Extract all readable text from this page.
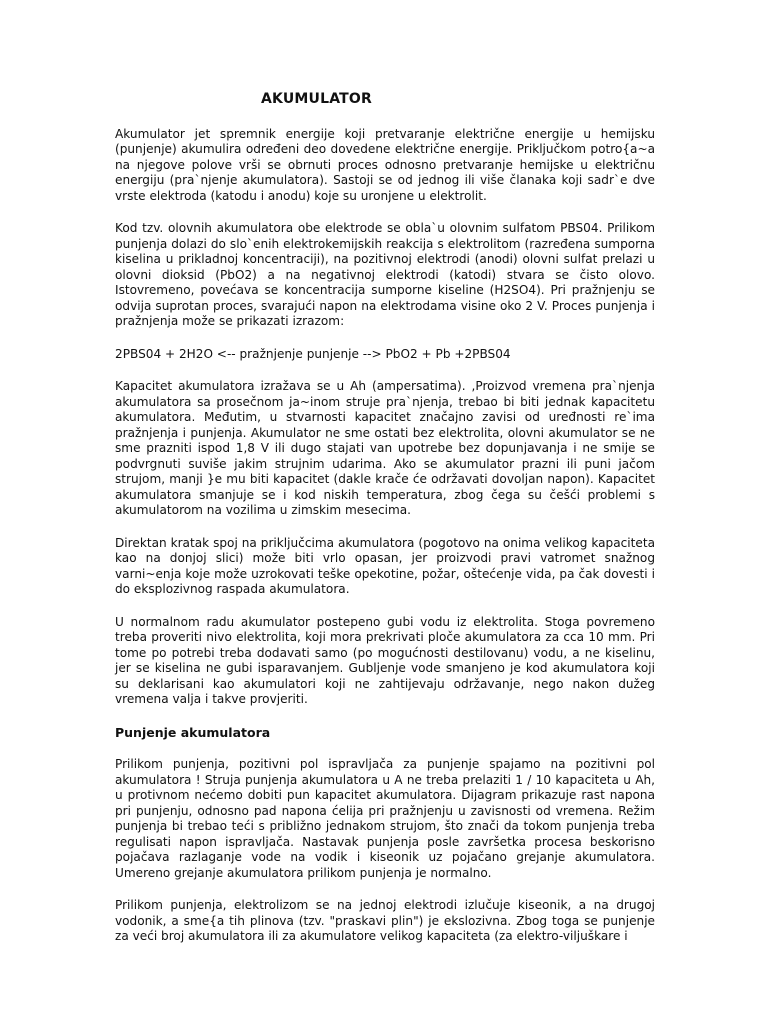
AKUMULATOR

Akumulator jet spremnik energije koji pretvaranje električne energije u hemijsku (punjenje) akumulira određeni deo dovedene električne energije. Priključkom potro{a~a na njegove polove vrši se obrnuti proces odnosno pretvaranje hemijske u električnu energiju (pra`njenje akumulatora). Sastoji se od jednog ili više članaka koji sadr`e dve vrste elektroda (katodu i anodu) koje su uronjene u elektrolit.

Kod tzv. olovnih akumulatora obe elektrode se obla`u olovnim sulfatom PBS04. Prilikom punjenja dolazi do slo`enih elektrokemijskih reakcija s elektrolitom (razređena sumporna kiselina u prikladnoj koncentraciji), na pozitivnoj elektrodi (anodi) olovni sulfat prelazi u olovni dioksid (PbO2) a na negativnoj elektrodi (katodi) stvara se čisto olovo. Istovremeno, povećava se koncentracija sumporne kiseline (H2SO4). Pri pražnjenju se odvija suprotan proces, svarajući napon na elektrodama visine oko 2 V. Proces punjenja i pražnjenja može se prikazati izrazom:

2PBS04 + 2H2O <-- pražnjenje punjenje --> PbO2 + Pb +2PBS04

Kapacitet akumulatora izražava se u Ah (ampersatima). ,Proizvod vremena pra`njenja akumulatora sa prosečnom ja~inom struje pra`njenja, trebao bi biti jednak kapacitetu akumulatora. Međutim, u stvarnosti kapacitet značajno zavisi od uređnosti re`ima pražnjenja i punjenja. Akumulator ne sme ostati bez elektrolita, olovni akumulator se ne sme prazniti ispod 1,8 V ili dugo stajati van upotrebe bez dopunjavanja i ne smije se podvrgnuti suviše jakim strujnim udarima. Ako se akumulator prazni ili puni jačom strujom, manji }e mu biti kapacitet (dakle krače će održavati dovoljan napon). Kapacitet akumulatora smanjuje se i kod niskih temperatura, zbog čega su češći problemi s akumulatorom na vozilima u zimskim mesecima.

Direktan kratak spoj na priključcima akumulatora (pogotovo na onima velikog kapaciteta kao na donjoj slici) može biti vrlo opasan, jer proizvodi pravi vatromet snažnog varni~enja koje može uzrokovati teške opekotine, požar, oštećenje vida, pa čak dovesti i do eksplozivnog raspada akumulatora.

U normalnom radu akumulator postepeno gubi vodu iz elektrolita. Stoga povremeno treba proveriti nivo elektrolita, koji mora prekrivati ploče akumulatora za cca 10 mm. Pri tome po potrebi treba dodavati samo (po mogućnosti destilovanu) vodu, a ne kiselinu, jer se kiselina ne gubi isparavanjem. Gubljenje vode smanjeno je kod akumulatora koji su deklarisani kao akumulatori koji ne zahtijevaju održavanje, nego nakon dužeg vremena valja i takve provjeriti.

Punjenje akumulatora

Prilikom punjenja, pozitivni pol ispravljača za punjenje spajamo na pozitivni pol akumulatora ! Struja punjenja akumulatora u A ne treba prelaziti 1 / 10 kapaciteta u Ah, u protivnom nećemo dobiti pun kapacitet akumulatora. Dijagram prikazuje rast napona pri punjenju, odnosno pad napona ćelija pri pražnjenju u zavisnosti od vremena. Režim punjenja bi trebao teći s približno jednakom strujom, što znači da tokom punjenja treba regulisati napon ispravljača. Nastavak punjenja posle završetka procesa beskorisno pojačava razlaganje vode na vodik i kiseonik uz pojačano grejanje akumulatora. Umereno grejanje akumulatora prilikom punjenja je normalno.

Prilikom punjenja, elektrolizom se na jednoj elektrodi izlučuje kiseonik, a na drugoj vodonik, a sme{a tih plinova (tzv. "praskavi plin") je ekslozivna. Zbog toga se punjenje za veći broj akumulatora ili za akumulatore velikog kapaciteta (za elektro-viljuškare i
